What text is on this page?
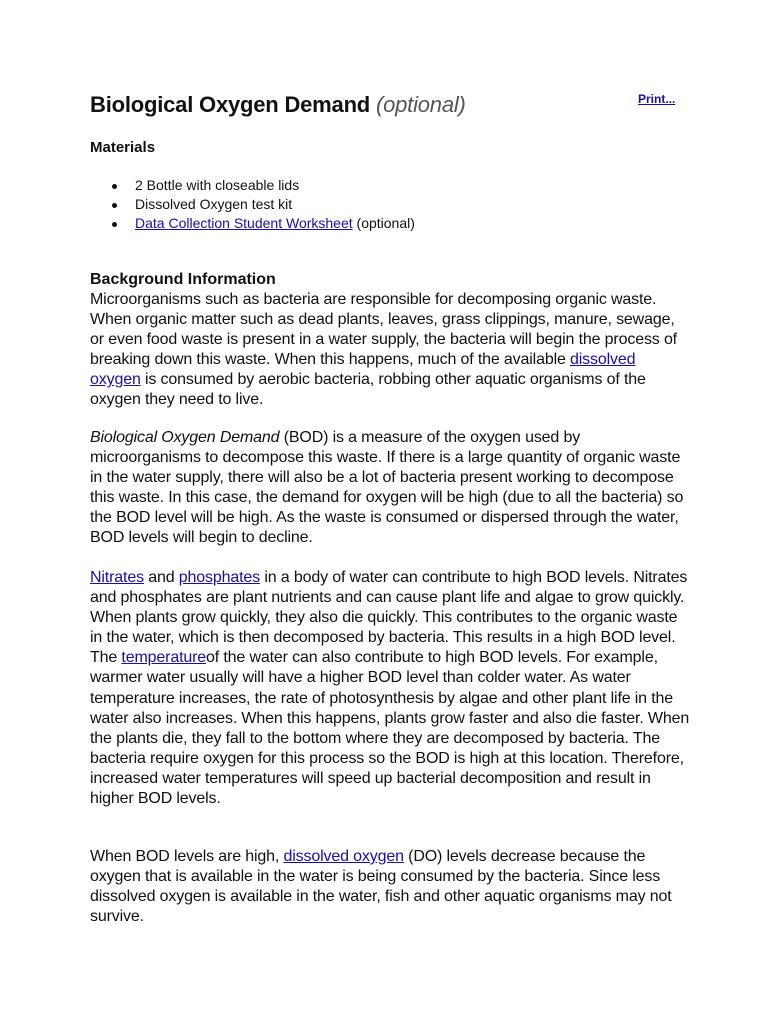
Biological Oxygen Demand (optional)	Print...
Materials
2 Bottle with closeable lids
Dissolved Oxygen test kit
Data Collection Student Worksheet (optional)
Background Information

Microorganisms such as bacteria are responsible for decomposing organic waste. When organic matter such as dead plants, leaves, grass clippings, manure, sewage, or even food waste is present in a water supply, the bacteria will begin the process of breaking down this waste. When this happens, much of the available dissolved oxygen is consumed by aerobic bacteria, robbing other aquatic organisms of the oxygen they need to live.

Biological Oxygen Demand (BOD) is a measure of the oxygen used by microorganisms to decompose this waste. If there is a large quantity of organic waste in the water supply, there will also be a lot of bacteria present working to decompose this waste. In this case, the demand for oxygen will be high (due to all the bacteria) so the BOD level will be high. As the waste is consumed or dispersed through the water, BOD levels will begin to decline.

Nitrates and phosphates in a body of water can contribute to high BOD levels. Nitrates and phosphates are plant nutrients and can cause plant life and algae to grow quickly. When plants grow quickly, they also die quickly. This contributes to the organic waste in the water, which is then decomposed by bacteria. This results in a high BOD level. The temperatureof the water can also contribute to high BOD levels. For example, warmer water usually will have a higher BOD level than colder water. As water temperature increases, the rate of photosynthesis by algae and other plant life in the water also increases. When this happens, plants grow faster and also die faster. When the plants die, they fall to the bottom where they are decomposed by bacteria. The bacteria require oxygen for this process so the BOD is high at this location. Therefore, increased water temperatures will speed up bacterial decomposition and result in higher BOD levels.

When BOD levels are high, dissolved oxygen (DO) levels decrease because the oxygen that is available in the water is being consumed by the bacteria. Since less dissolved oxygen is available in the water, fish and other aquatic organisms may not survive.
